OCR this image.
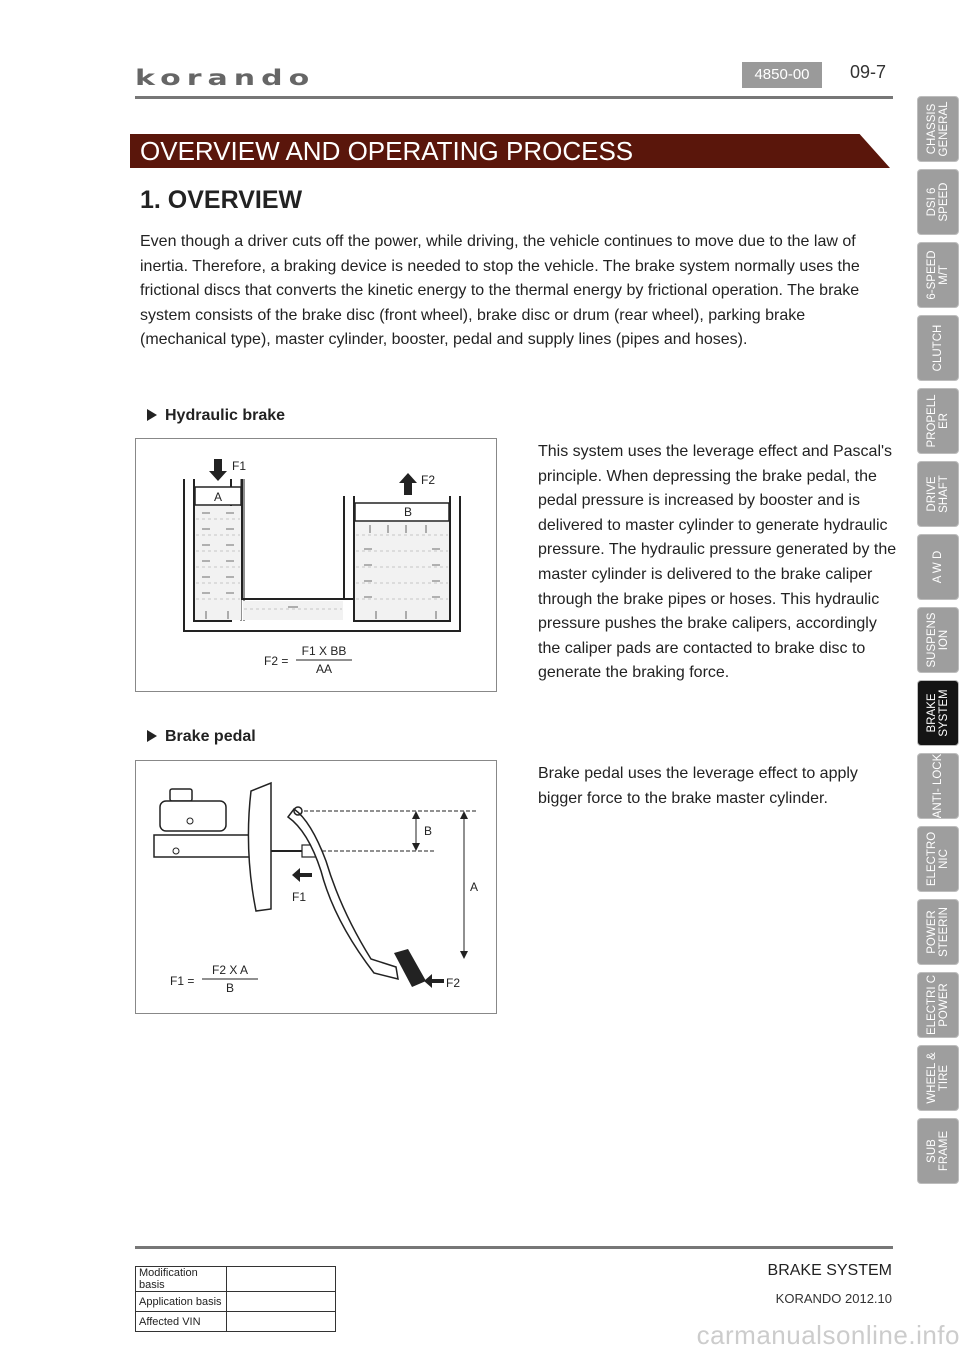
korando	4850-00	09-7
OVERVIEW AND OPERATING PROCESS
1. OVERVIEW
Even though a driver cuts off the power, while driving, the vehicle continues to move due to the law of inertia. Therefore, a braking device is needed to stop the vehicle. The brake system normally uses the frictional discs that converts the kinetic energy to the thermal energy by frictional operation. The brake system consists of the brake disc (front wheel), brake disc or drum (rear wheel), parking brake (mechanical type), master cylinder, booster, pedal and supply lines (pipes and hoses).
Hydraulic brake
A
B
F1
F2
F2 =
F1 X BB
AA
This system uses the leverage effect and Pascal's principle. When depressing the brake pedal, the pedal pressure is increased by booster and is delivered to master cylinder to generate hydraulic pressure. The hydraulic pressure generated by the master cylinder is delivered to the brake caliper through the brake pipes or hoses. This hydraulic pressure pushes the brake calipers, accordingly the caliper pads are contacted to brake disc to generate the braking force.
Brake pedal
B
A
F1
F2
F1 =
F2 X A
B
Brake pedal uses the leverage effect to apply bigger force to the brake master cylinder.
CHASSIS GENERAL
DSI 6 SPEED
6-SPEED M/T
CLUTCH
PROPELL ER
DRIVE SHAFT
A W D
SUSPENS ION
BRAKE SYSTEM
ANTI- LOCK
ELECTRO NIC
POWER STEERIN
ELECTRI C POWER
WHEEL & TIRE
SUB FRAME
Modification basis	
Application basis	
Affected VIN	
BRAKE SYSTEM
KORANDO 2012.10
carmanualsonline.info
